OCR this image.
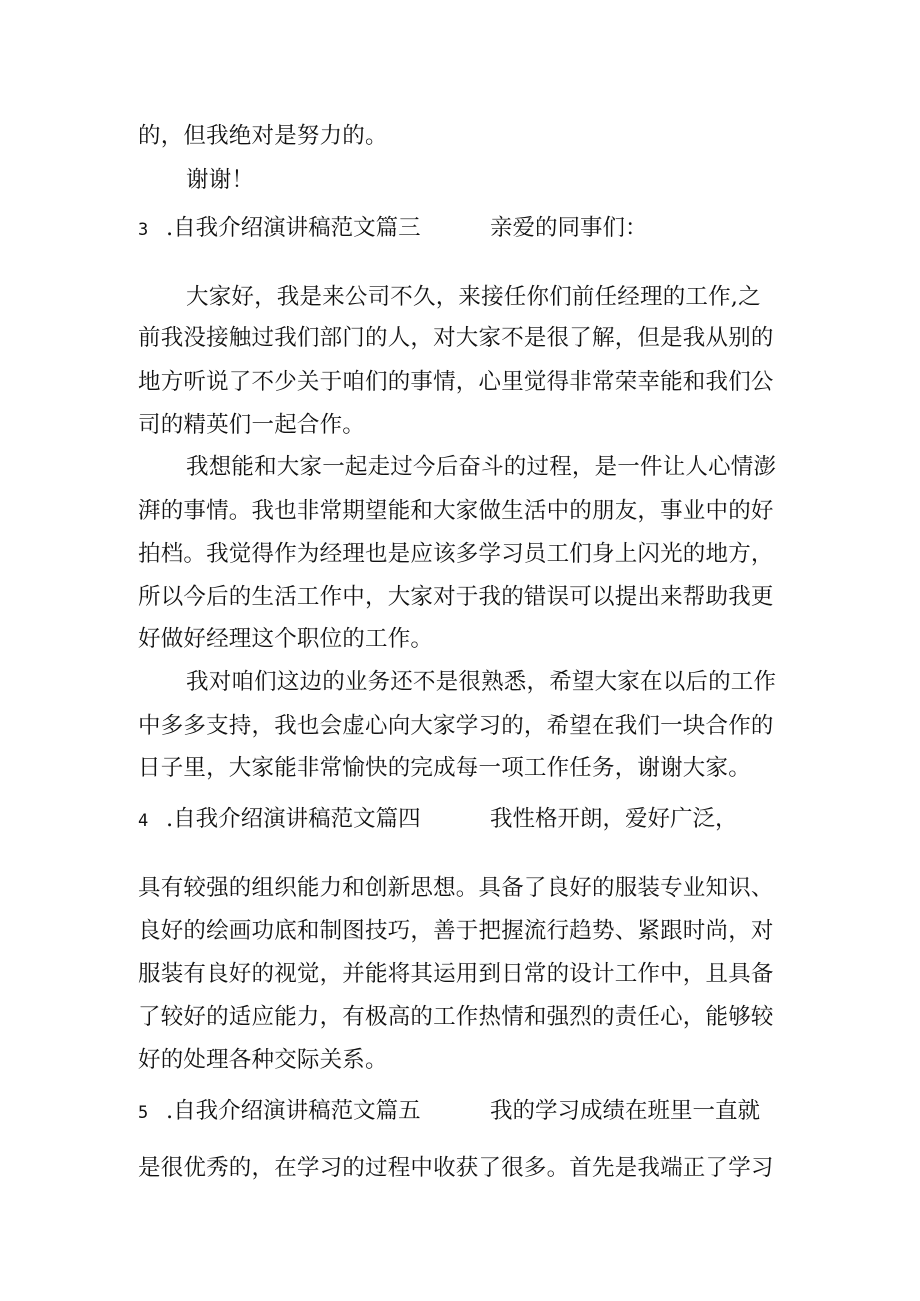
的，但我绝对是努力的。
谢谢！
3 .自我介绍演讲稿范文篇三	亲爱的同事们：
大家好，我是来公司不久，来接任你们前任经理的工作,之
前我没接触过我们部门的人，对大家不是很了解，但是我从别的
地方听说了不少关于咱们的事情，心里觉得非常荣幸能和我们公
司的精英们一起合作。
我想能和大家一起走过今后奋斗的过程，是一件让人心情澎
湃的事情。我也非常期望能和大家做生活中的朋友，事业中的好
拍档。我觉得作为经理也是应该多学习员工们身上闪光的地方，
所以今后的生活工作中，大家对于我的错误可以提出来帮助我更
好做好经理这个职位的工作。
我对咱们这边的业务还不是很熟悉，希望大家在以后的工作
中多多支持，我也会虚心向大家学习的，希望在我们一块合作的
日子里，大家能非常愉快的完成每一项工作任务，谢谢大家。
4 .自我介绍演讲稿范文篇四	我性格开朗，爱好广泛，
具有较强的组织能力和创新思想。具备了良好的服装专业知识、
良好的绘画功底和制图技巧，善于把握流行趋势、紧跟时尚，对
服装有良好的视觉，并能将其运用到日常的设计工作中，且具备
了较好的适应能力，有极高的工作热情和强烈的责任心，能够较
好的处理各种交际关系。
5 .自我介绍演讲稿范文篇五	我的学习成绩在班里一直就
是很优秀的，在学习的过程中收获了很多。首先是我端正了学习
